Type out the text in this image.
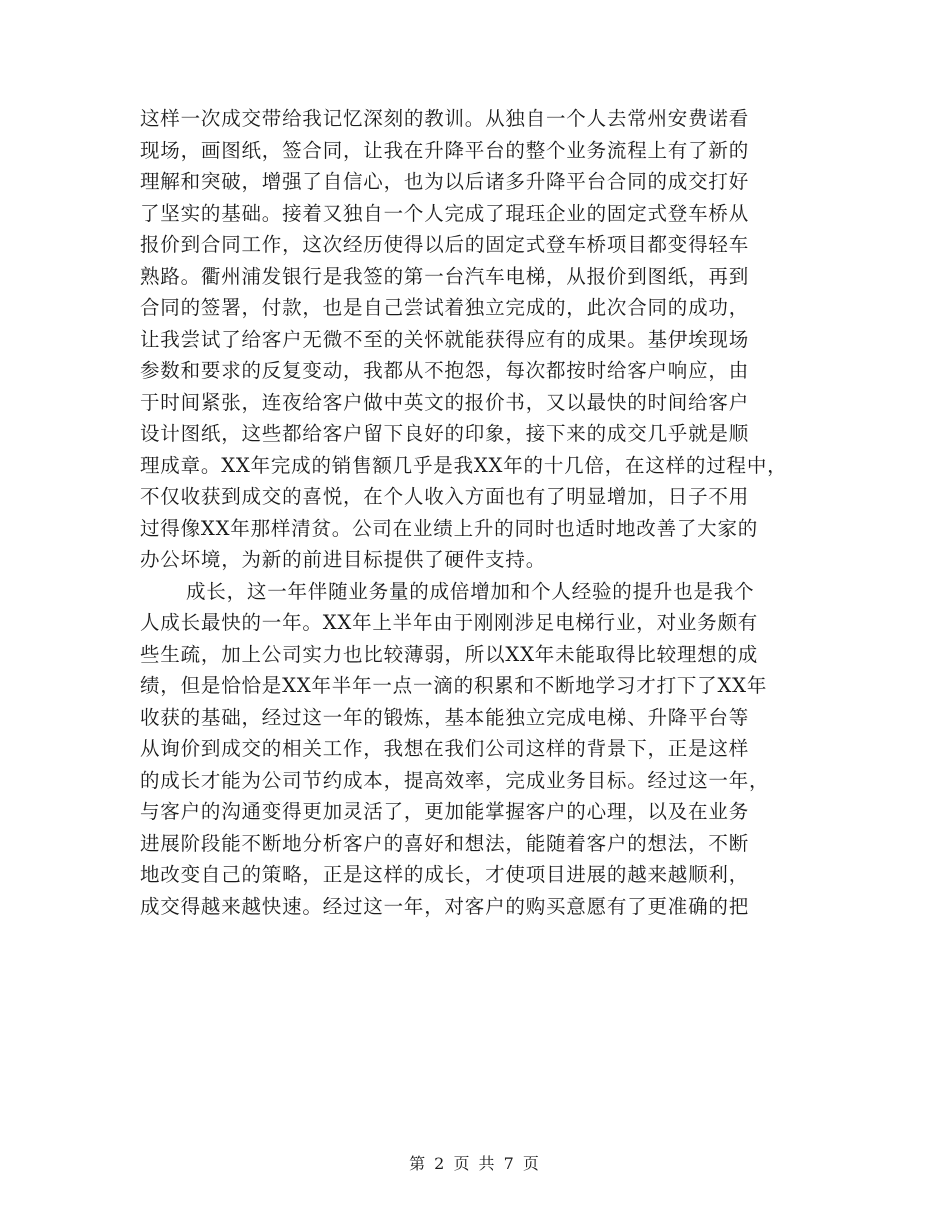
这样一次成交带给我记忆深刻的教训。从独自一个人去常州安费诺看
现场，画图纸，签合同，让我在升降平台的整个业务流程上有了新的
理解和突破，增强了自信心，也为以后诸多升降平台合同的成交打好
了坚实的基础。接着又独自一个人完成了琨珏企业的固定式登车桥从
报价到合同工作，这次经历使得以后的固定式登车桥项目都变得轻车
熟路。衢州浦发银行是我签的第一台汽车电梯，从报价到图纸，再到
合同的签署，付款，也是自己尝试着独立完成的，此次合同的成功，
让我尝试了给客户无微不至的关怀就能获得应有的成果。基伊埃现场
参数和要求的反复变动，我都从不抱怨，每次都按时给客户响应，由
于时间紧张，连夜给客户做中英文的报价书，又以最快的时间给客户
设计图纸，这些都给客户留下良好的印象，接下来的成交几乎就是顺
理成章。XX年完成的销售额几乎是我XX年的十几倍，在这样的过程中，
不仅收获到成交的喜悦，在个人收入方面也有了明显增加，日子不用
过得像XX年那样清贫。公司在业绩上升的同时也适时地改善了大家的
办公坏境，为新的前进目标提供了硬件支持。
成长，这一年伴随业务量的成倍增加和个人经验的提升也是我个
人成长最快的一年。XX年上半年由于刚刚涉足电梯行业，对业务颇有
些生疏，加上公司实力也比较薄弱，所以XX年未能取得比较理想的成
绩，但是恰恰是XX年半年一点一滴的积累和不断地学习才打下了XX年
收获的基础，经过这一年的锻炼，基本能独立完成电梯、升降平台等
从询价到成交的相关工作，我想在我们公司这样的背景下，正是这样
的成长才能为公司节约成本，提高效率，完成业务目标。经过这一年，
与客户的沟通变得更加灵活了，更加能掌握客户的心理，以及在业务
进展阶段能不断地分析客户的喜好和想法，能随着客户的想法，不断
地改变自己的策略，正是这样的成长，才使项目进展的越来越顺利，
成交得越来越快速。经过这一年，对客户的购买意愿有了更准确的把
第 2 页 共 7 页
